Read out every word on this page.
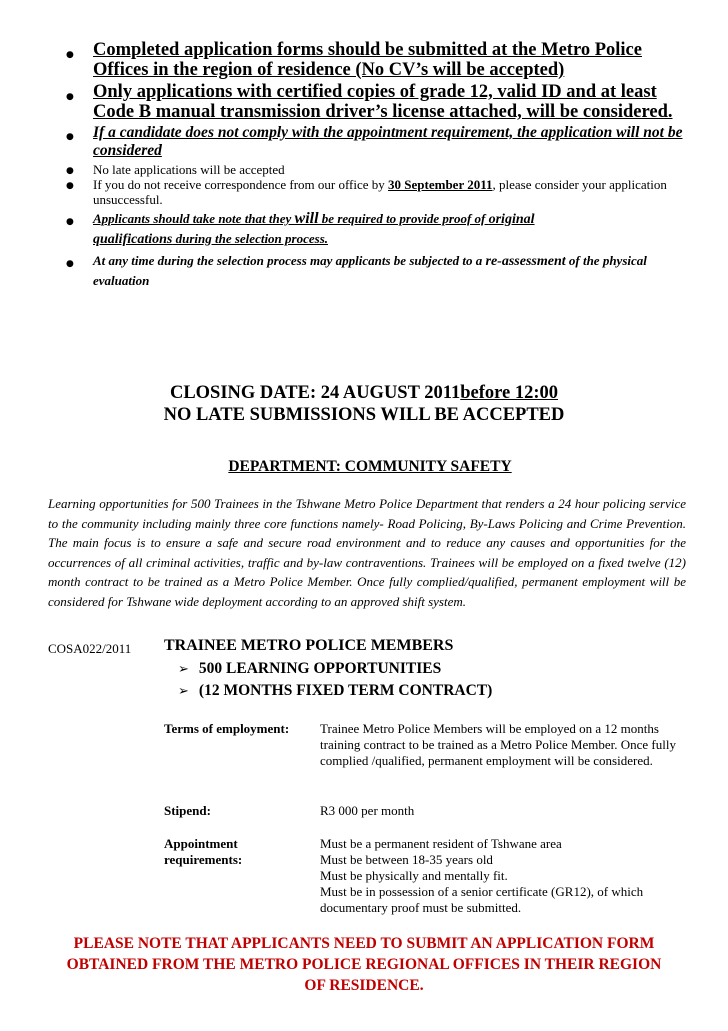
● Completed application forms should be submitted at the Metro Police Offices in the region of residence (No CV’s will be accepted)
● Only applications with certified copies of grade 12, valid ID and at least Code B manual transmission driver’s license attached, will be considered.
● If a candidate does not comply with the appointment requirement, the application will not be considered
● No late applications will be accepted
● If you do not receive correspondence from our office by 30 September 2011, please consider your application unsuccessful.
● Applicants should take note that they will be required to provide proof of original
qualifications during the selection process.
● At any time during the selection process may applicants be subjected to a re-assessment of the physical evaluation
CLOSING DATE: 24 AUGUST 2011before 12:00
NO LATE SUBMISSIONS WILL BE ACCEPTED
DEPARTMENT: COMMUNITY SAFETY
Learning opportunities for 500 Trainees in the Tshwane Metro Police Department that renders a 24 hour policing service to the community including mainly three core functions namely- Road Policing, By-Laws Policing and Crime Prevention. The main focus is to ensure a safe and secure road environment and to reduce any causes and opportunities for the occurrences of all criminal activities, traffic and by-law contraventions. Trainees will be employed on a fixed twelve (12) month contract to be trained as a Metro Police Member. Once fully complied/qualified, permanent employment will be considered for Tshwane wide deployment according to an approved shift system.
COSA022/2011 TRAINEE METRO POLICE MEMBERS
➢ 500 LEARNING OPPORTUNITIES
➢ (12 MONTHS FIXED TERM CONTRACT)
Terms of employment: Trainee Metro Police Members will be employed on a 12 months training contract to be trained as a Metro Police Member. Once fully complied /qualified, permanent employment will be considered.
Stipend:	R3 000 per month
Appointment
requirements:
Must be a permanent resident of Tshwane area
Must be between 18-35 years old
Must be physically and mentally fit.
Must be in possession of a senior certificate (GR12), of which documentary proof must be submitted.
PLEASE NOTE THAT APPLICANTS NEED TO SUBMIT AN APPLICATION FORM OBTAINED FROM THE METRO POLICE REGIONAL OFFICES IN THEIR REGION OF RESIDENCE.
